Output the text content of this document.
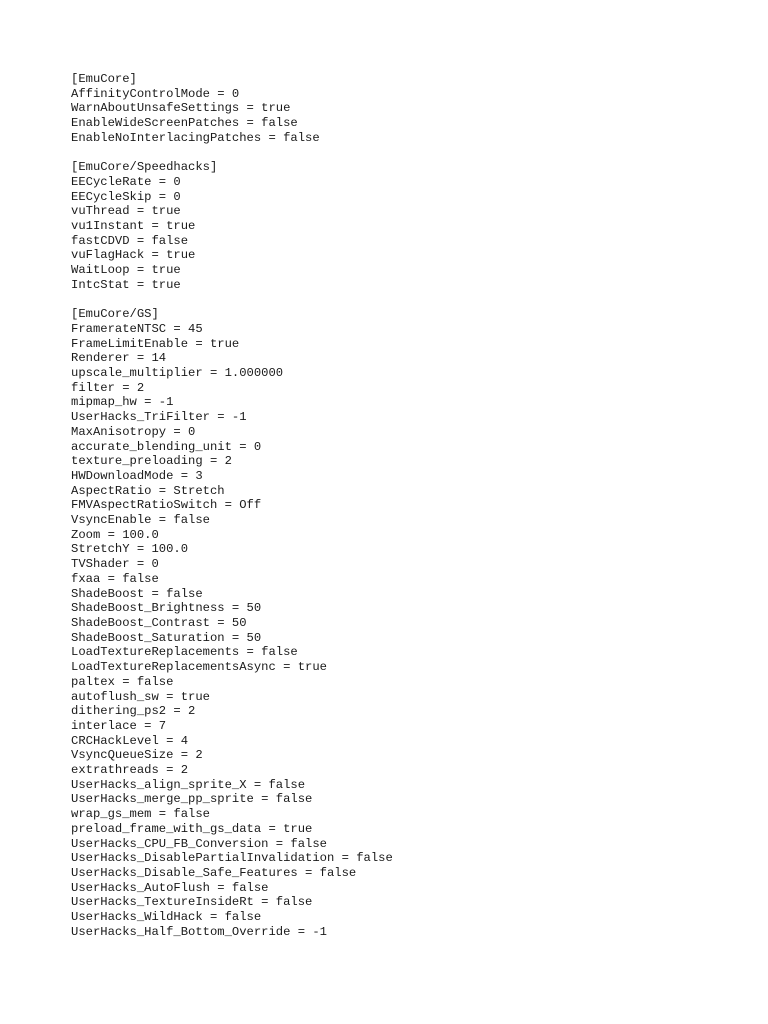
[EmuCore]
AffinityControlMode = 0
WarnAboutUnsafeSettings = true
EnableWideScreenPatches = false
EnableNoInterlacingPatches = false
[EmuCore/Speedhacks]
EECycleRate = 0
EECycleSkip = 0
vuThread = true
vu1Instant = true
fastCDVD = false
vuFlagHack = true
WaitLoop = true
IntcStat = true
[EmuCore/GS]
FramerateNTSC = 45
FrameLimitEnable = true
Renderer = 14
upscale_multiplier = 1.000000
filter = 2
mipmap_hw = -1
UserHacks_TriFilter = -1
MaxAnisotropy = 0
accurate_blending_unit = 0
texture_preloading = 2
HWDownloadMode = 3
AspectRatio = Stretch
FMVAspectRatioSwitch = Off
VsyncEnable = false
Zoom = 100.0
StretchY = 100.0
TVShader = 0
fxaa = false
ShadeBoost = false
ShadeBoost_Brightness = 50
ShadeBoost_Contrast = 50
ShadeBoost_Saturation = 50
LoadTextureReplacements = false
LoadTextureReplacementsAsync = true
paltex = false
autoflush_sw = true
dithering_ps2 = 2
interlace = 7
CRCHackLevel = 4
VsyncQueueSize = 2
extrathreads = 2
UserHacks_align_sprite_X = false
UserHacks_merge_pp_sprite = false
wrap_gs_mem = false
preload_frame_with_gs_data = true
UserHacks_CPU_FB_Conversion = false
UserHacks_DisablePartialInvalidation = false
UserHacks_Disable_Safe_Features = false
UserHacks_AutoFlush = false
UserHacks_TextureInsideRt = false
UserHacks_WildHack = false
UserHacks_Half_Bottom_Override = -1
